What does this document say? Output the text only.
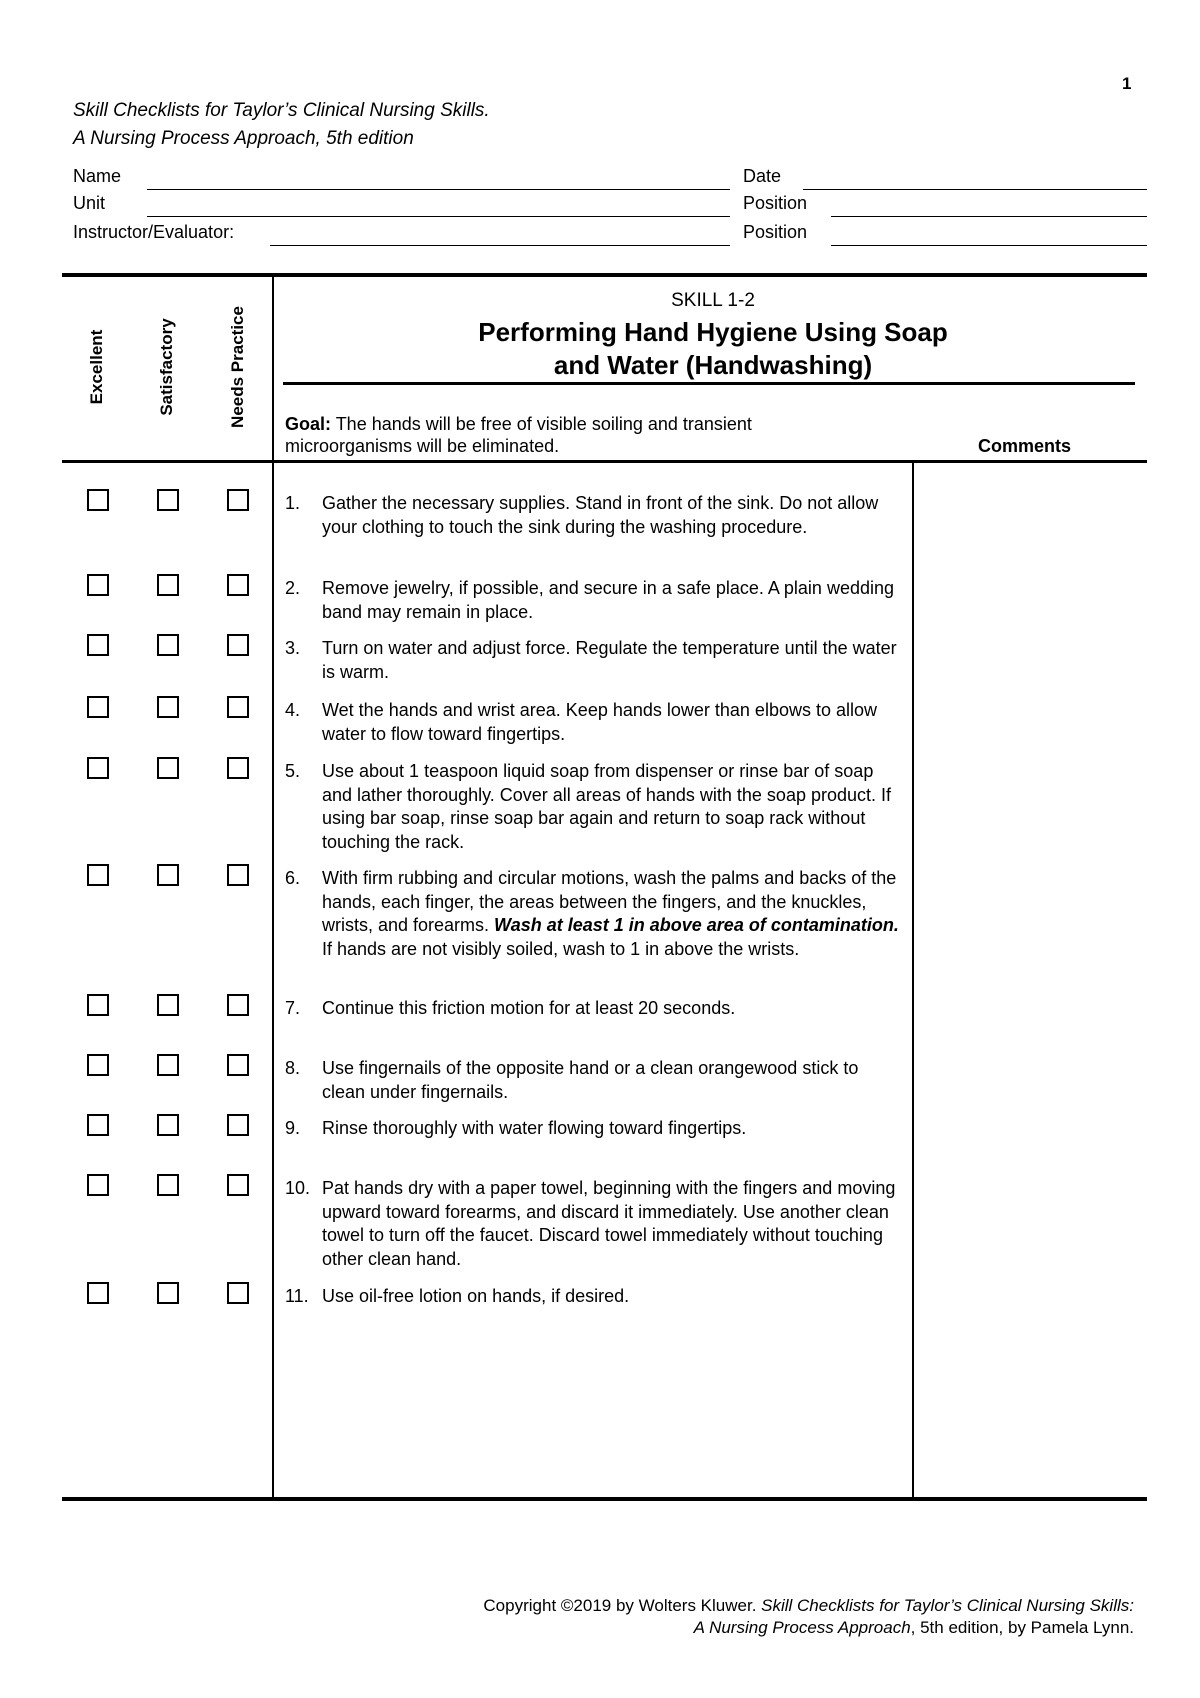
1
Skill Checklists for Taylor’s Clinical Nursing Skills.
A Nursing Process Approach, 5th edition
Name	Date
Unit	Position
Instructor/Evaluator:	Position
Excellent	Satisfactory	Needs Practice
SKILL 1-2
Performing Hand Hygiene Using Soap
and Water (Handwashing)
Goal: The hands will be free of visible soiling and transient microorganisms will be eliminated.	Comments
1.	Gather the necessary supplies. Stand in front of the sink. Do not allow your clothing to touch the sink during the washing procedure.
2.	Remove jewelry, if possible, and secure in a safe place. A plain wedding band may remain in place.
3.	Turn on water and adjust force. Regulate the temperature until the water is warm.
4.	Wet the hands and wrist area. Keep hands lower than elbows to allow water to flow toward fingertips.
5.	Use about 1 teaspoon liquid soap from dispenser or rinse bar of soap and lather thoroughly. Cover all areas of hands with the soap product. If using bar soap, rinse soap bar again and return to soap rack without touching the rack.
6.	With firm rubbing and circular motions, wash the palms and backs of the hands, each finger, the areas between the fingers, and the knuckles, wrists, and forearms. Wash at least 1 in above area of contamination. If hands are not visibly soiled, wash to 1 in above the wrists.
7.	Continue this friction motion for at least 20 seconds.
8.	Use fingernails of the opposite hand or a clean orangewood stick to clean under fingernails.
9.	Rinse thoroughly with water flowing toward fingertips.
10. Pat hands dry with a paper towel, beginning with the fingers and moving upward toward forearms, and discard it immediately. Use another clean towel to turn off the faucet. Discard towel immediately without touching other clean hand.
11. Use oil-free lotion on hands, if desired.
Copyright ©2019 by Wolters Kluwer. Skill Checklists for Taylor’s Clinical Nursing Skills:
A Nursing Process Approach, 5th edition, by Pamela Lynn.
